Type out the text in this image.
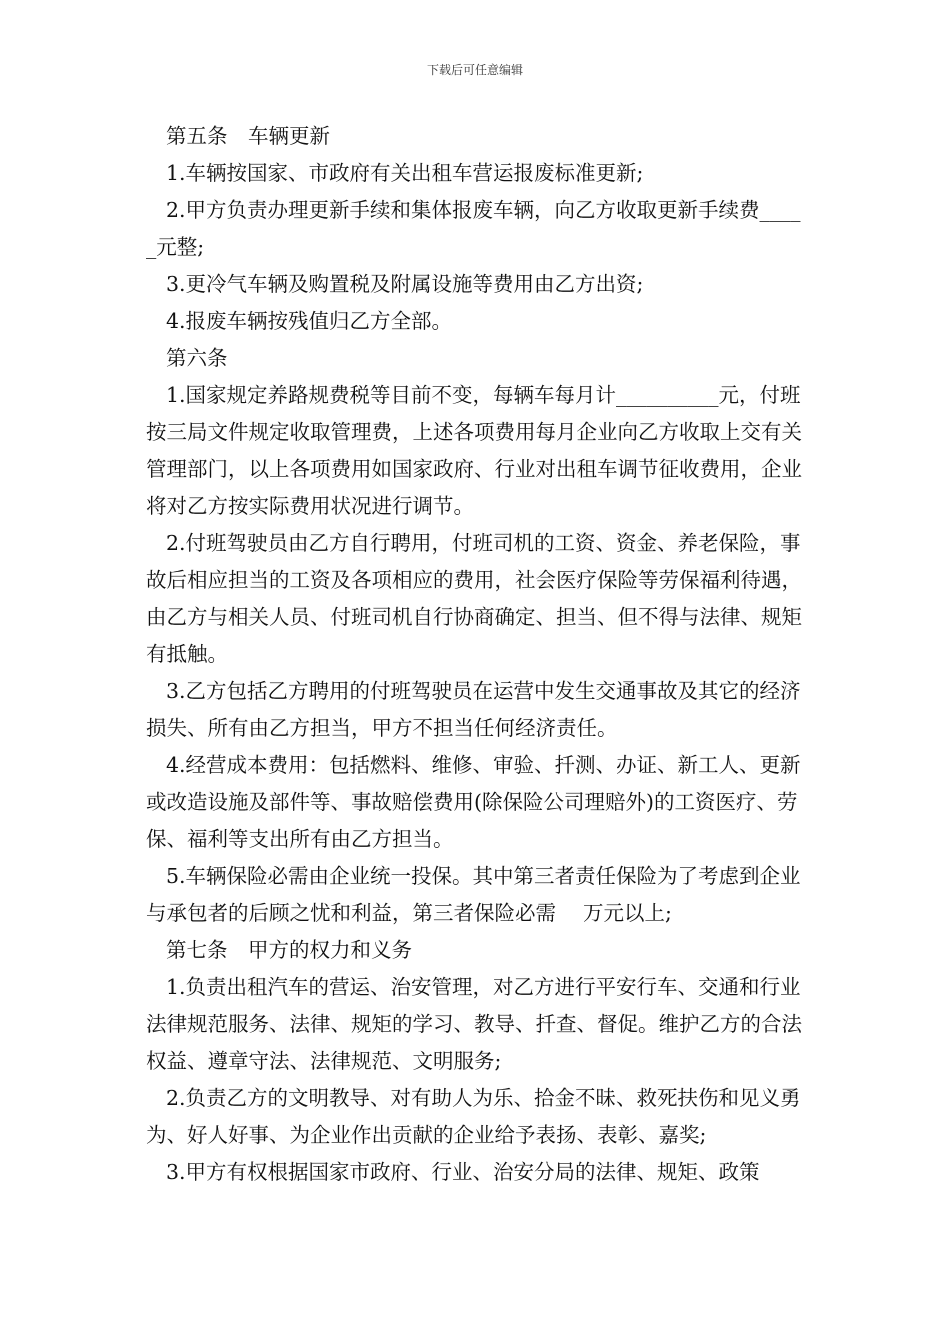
下载后可任意编辑

第五条　车辆更新

1.车辆按国家、市政府有关出租车营运报废标准更新;

2.甲方负责办理更新手续和集体报废车辆，向乙方收取更新手续费_____元整;

3.更冷气车辆及购置税及附属设施等费用由乙方出资;

4.报废车辆按残值归乙方全部。

第六条

1.国家规定养路规费税等目前不变，每辆车每月计__________元，付班按三局文件规定收取管理费，上述各项费用每月企业向乙方收取上交有关管理部门，以上各项费用如国家政府、行业对出租车调节征收费用，企业将对乙方按实际费用状况进行调节。

2.付班驾驶员由乙方自行聘用，付班司机的工资、资金、养老保险，事故后相应担当的工资及各项相应的费用，社会医疗保险等劳保福利待遇，由乙方与相关人员、付班司机自行协商确定、担当、但不得与法律、规矩有抵触。

3.乙方包括乙方聘用的付班驾驶员在运营中发生交通事故及其它的经济损失、所有由乙方担当，甲方不担当任何经济责任。

4.经营成本费用：包括燃料、维修、审验、扦测、办证、新工人、更新或改造设施及部件等、事故赔偿费用(除保险公司理赔外)的工资医疗、劳保、福利等支出所有由乙方担当。

5.车辆保险必需由企业统一投保。其中第三者责任保险为了考虑到企业与承包者的后顾之忧和利益，第三者保险必需　 万元以上;

第七条　甲方的权力和义务

1.负责出租汽车的营运、治安管理，对乙方进行平安行车、交通和行业法律规范服务、法律、规矩的学习、教导、扦查、督促。维护乙方的合法权益、遵章守法、法律规范、文明服务;

2.负责乙方的文明教导、对有助人为乐、拾金不昧、救死扶伤和见义勇为、好人好事、为企业作出贡献的企业给予表扬、表彰、嘉奖;

3.甲方有权根据国家市政府、行业、治安分局的法律、规矩、政策
